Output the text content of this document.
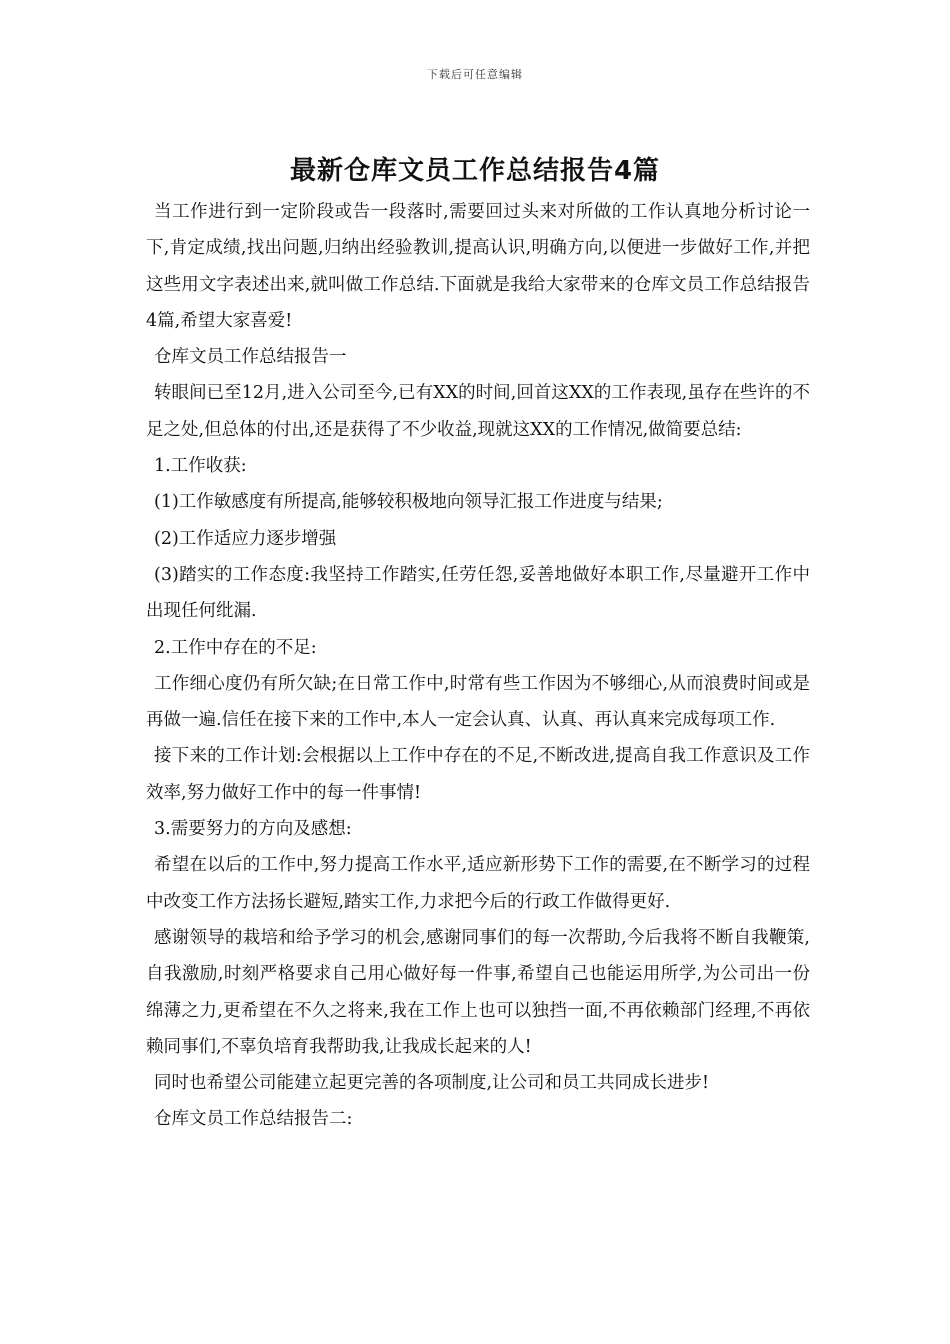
下载后可任意编辑
最新仓库文员工作总结报告4篇

当工作进行到一定阶段或告一段落时,需要回过头来对所做的工作认真地分析讨论一下,肯定成绩,找出问题,归纳出经验教训,提高认识,明确方向,以便进一步做好工作,并把这些用文字表述出来,就叫做工作总结.下面就是我给大家带来的仓库文员工作总结报告4篇,希望大家喜爱!

仓库文员工作总结报告一

转眼间已至12月,进入公司至今,已有XX的时间,回首这XX的工作表现,虽存在些许的不足之处,但总体的付出,还是获得了不少收益,现就这XX的工作情况,做简要总结:

1.工作收获:

(1)工作敏感度有所提高,能够较积极地向领导汇报工作进度与结果;

(2)工作适应力逐步增强

(3)踏实的工作态度:我坚持工作踏实,任劳任怨,妥善地做好本职工作,尽量避开工作中出现任何纰漏.

2.工作中存在的不足:

工作细心度仍有所欠缺;在日常工作中,时常有些工作因为不够细心,从而浪费时间或是再做一遍.信任在接下来的工作中,本人一定会认真、认真、再认真来完成每项工作.

接下来的工作计划:会根据以上工作中存在的不足,不断改进,提高自我工作意识及工作效率,努力做好工作中的每一件事情!

3.需要努力的方向及感想:

希望在以后的工作中,努力提高工作水平,适应新形势下工作的需要,在不断学习的过程中改变工作方法扬长避短,踏实工作,力求把今后的行政工作做得更好.

感谢领导的栽培和给予学习的机会,感谢同事们的每一次帮助,今后我将不断自我鞭策,自我激励,时刻严格要求自己用心做好每一件事,希望自己也能运用所学,为公司出一份绵薄之力,更希望在不久之将来,我在工作上也可以独挡一面,不再依赖部门经理,不再依赖同事们,不辜负培育我帮助我,让我成长起来的人!

同时也希望公司能建立起更完善的各项制度,让公司和员工共同成长进步!

仓库文员工作总结报告二:
